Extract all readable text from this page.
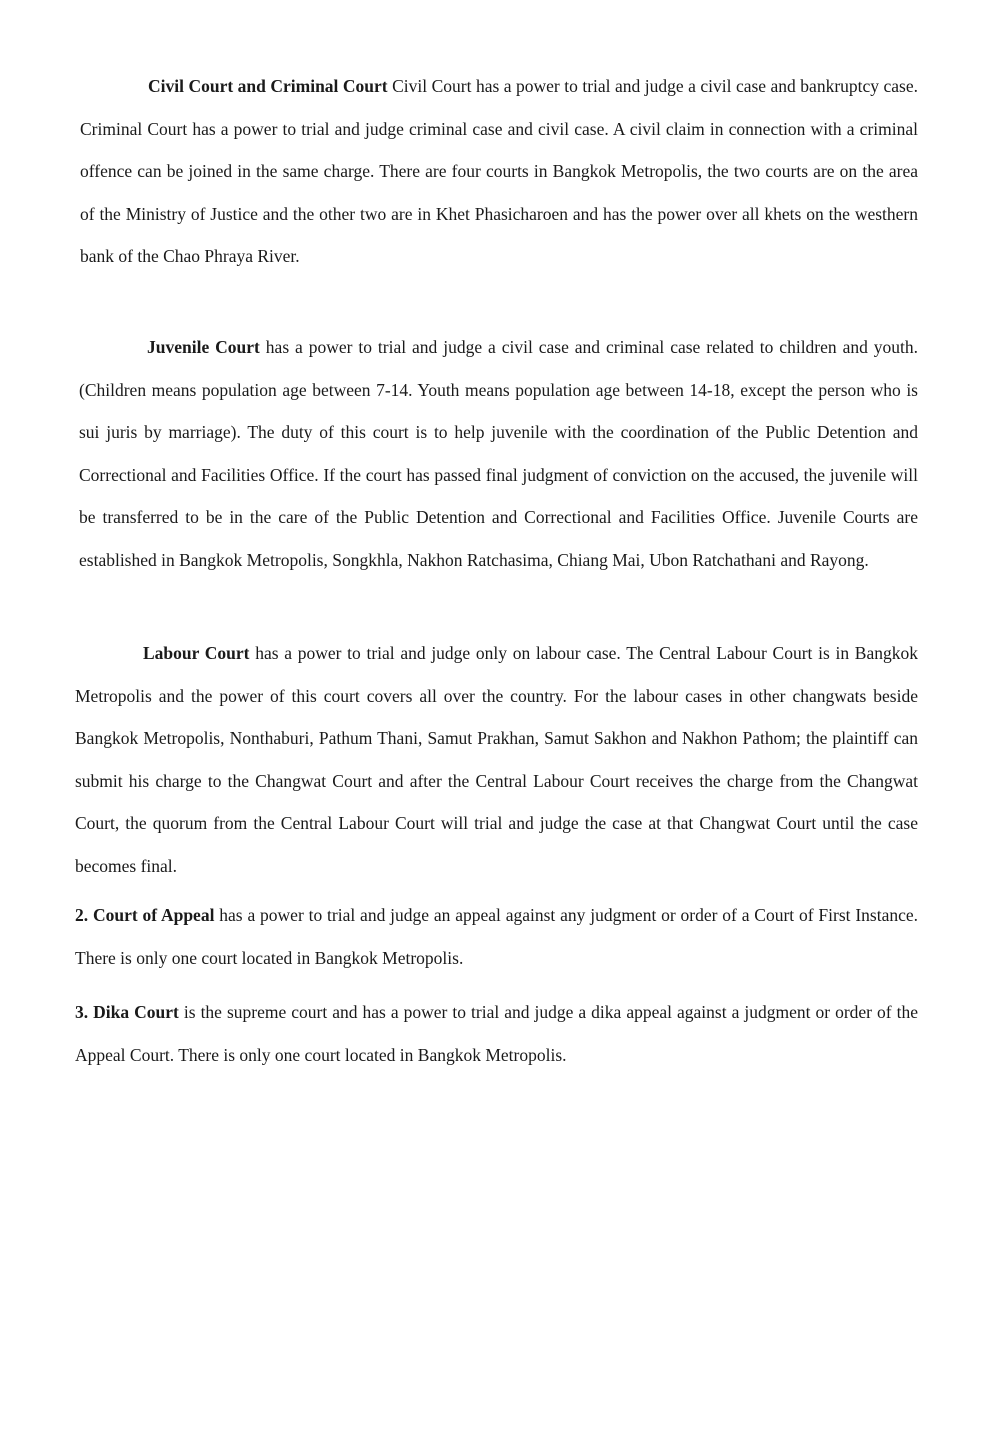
Civil Court and Criminal Court Civil Court has a power to trial and judge a civil case and bankruptcy case. Criminal Court has a power to trial and judge criminal case and civil case. A civil claim in connection with a criminal offence can be joined in the same charge. There are four courts in Bangkok Metropolis, the two courts are on the area of the Ministry of Justice and the other two are in Khet Phasicharoen and has the power over all khets on the westhern bank of the Chao Phraya River.

Juvenile Court has a power to trial and judge a civil case and criminal case related to children and youth. (Children means population age between 7-14. Youth means population age between 14-18, except the person who is sui juris by marriage). The duty of this court is to help juvenile with the coordination of the Public Detention and Correctional and Facilities Office. If the court has passed final judgment of conviction on the accused, the juvenile will be transferred to be in the care of the Public Detention and Correctional and Facilities Office. Juvenile Courts are established in Bangkok Metropolis, Songkhla, Nakhon Ratchasima, Chiang Mai, Ubon Ratchathani and Rayong.

Labour Court has a power to trial and judge only on labour case. The Central Labour Court is in Bangkok Metropolis and the power of this court covers all over the country. For the labour cases in other changwats beside Bangkok Metropolis, Nonthaburi, Pathum Thani, Samut Prakhan, Samut Sakhon and Nakhon Pathom; the plaintiff can submit his charge to the Changwat Court and after the Central Labour Court receives the charge from the Changwat Court, the quorum from the Central Labour Court will trial and judge the case at that Changwat Court until the case becomes final.

2. Court of Appeal has a power to trial and judge an appeal against any judgment or order of a Court of First Instance. There is only one court located in Bangkok Metropolis.

3. Dika Court is the supreme court and has a power to trial and judge a dika appeal against a judgment or order of the Appeal Court. There is only one court located in Bangkok Metropolis.
